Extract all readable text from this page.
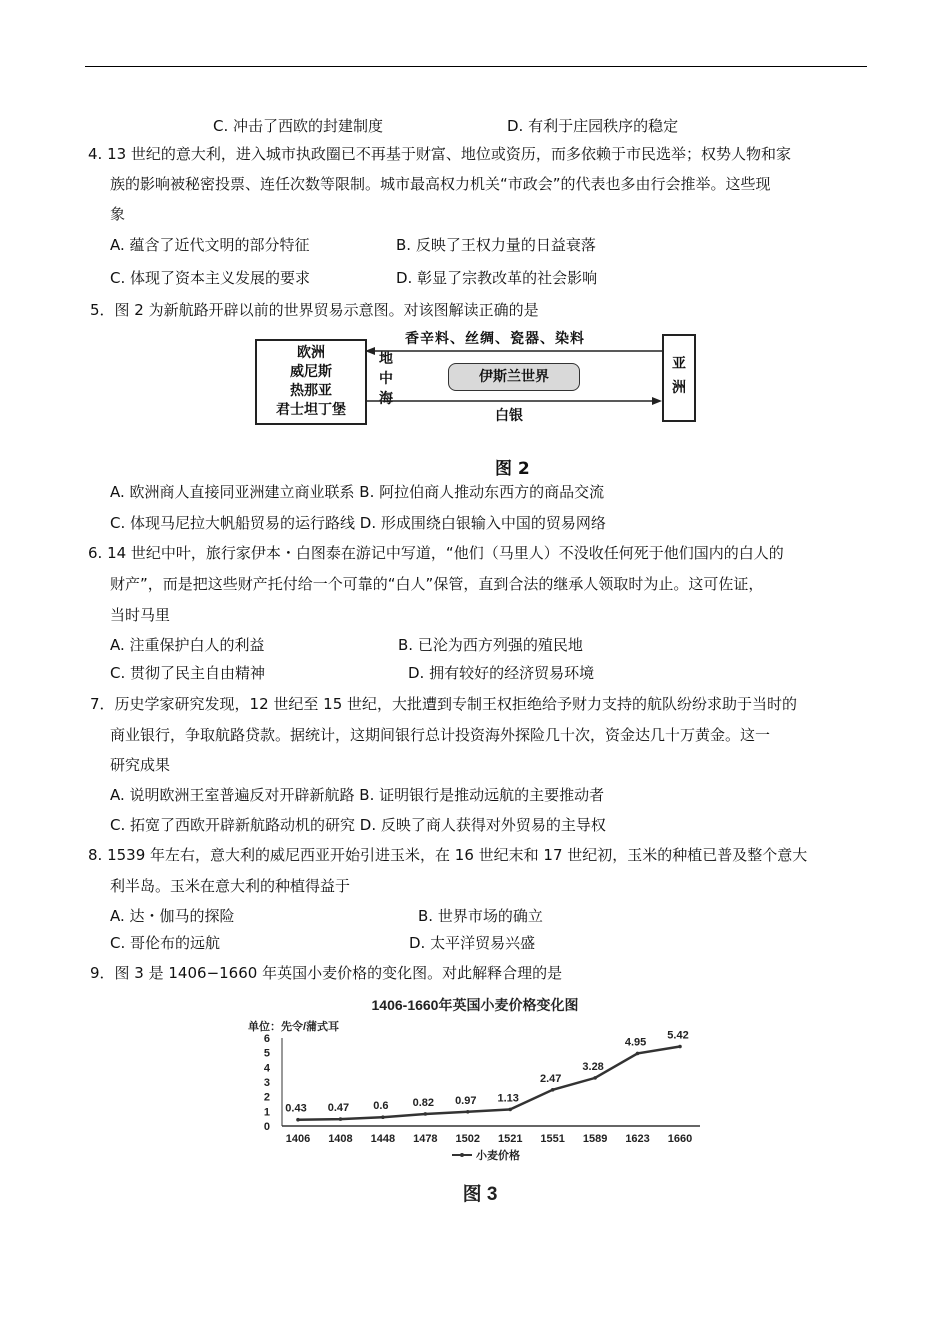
C. 冲击了西欧的封建制度	D. 有利于庄园秩序的稳定
4. 13 世纪的意大利，进入城市执政圈已不再基于财富、地位或资历，而多依赖于市民选举；权势人物和家
族的影响被秘密投票、连任次数等限制。城市最高权力机关“市政会”的代表也多由行会推举。这些现
象
A. 蕴含了近代文明的部分特征	B. 反映了王权力量的日益衰落
C. 体现了资本主义发展的要求	D. 彰显了宗教改革的社会影响
5．图 2 为新航路开辟以前的世界贸易示意图。对该图解读正确的是
欧洲
威尼斯
热那亚
君士坦丁堡
地
中
海
伊斯兰世界
亚
洲
香辛料、丝绸、瓷器、染料
白银
图 2
A. 欧洲商人直接同亚洲建立商业联系 B. 阿拉伯商人推动东西方的商品交流
C. 体现马尼拉大帆船贸易的运行路线 D. 形成围绕白银输入中国的贸易网络
6. 14 世纪中叶，旅行家伊本・白图泰在游记中写道，“他们（马里人）不没收任何死于他们国内的白人的
财产”，而是把这些财产托付给一个可靠的“白人”保管，直到合法的继承人领取时为止。这可佐证，
当时马里
A. 注重保护白人的利益	B. 已沦为西方列强的殖民地
C. 贯彻了民主自由精神	D. 拥有较好的经济贸易环境
7．历史学家研究发现，12 世纪至 15 世纪，大批遭到专制王权拒绝给予财力支持的航队纷纷求助于当时的
商业银行，争取航路贷款。据统计，这期间银行总计投资海外探险几十次，资金达几十万黄金。这一
研究成果
A. 说明欧洲王室普遍反对开辟新航路 B. 证明银行是推动远航的主要推动者
C. 拓宽了西欧开辟新航路动机的研究 D. 反映了商人获得对外贸易的主导权
8. 1539 年左右，意大利的威尼西亚开始引进玉米，在 16 世纪末和 17 世纪初，玉米的种植已普及整个意大
利半岛。玉米在意大利的种植得益于
A. 达・伽马的探险	B. 世界市场的确立
C. 哥伦布的远航	D. 太平洋贸易兴盛
9．图 3 是 1406−1660 年英国小麦价格的变化图。对此解释合理的是
1406-1660年英国小麦价格变化图
单位：先令/蒲式耳
0
1
2
3
4
5
6
1406 1408 1448 1478 1502 1521 1551 1589 1623 1660
0.43 0.47 0.6 0.82 0.97 1.13
2.47
3.28
4.95
5.42
小麦价格
图 3
